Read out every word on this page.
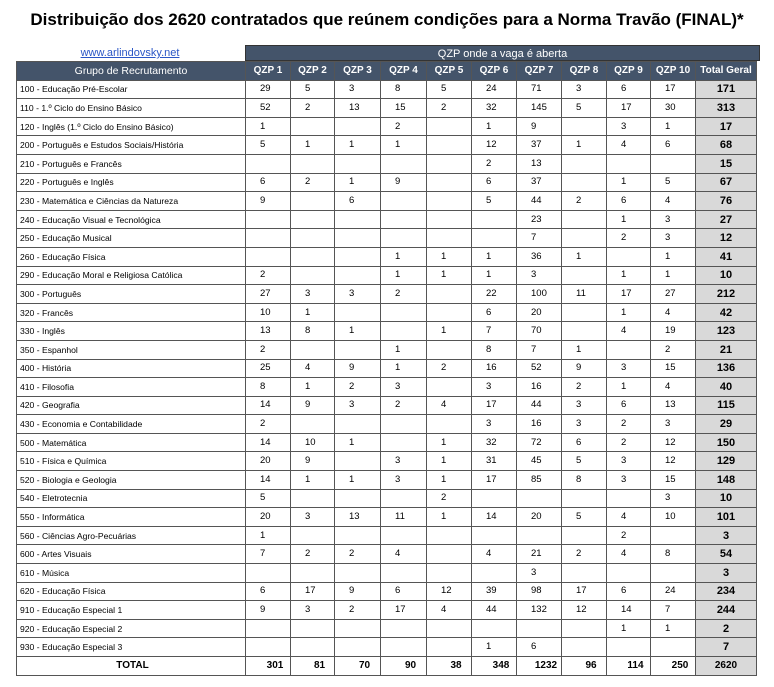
Distribuição dos 2620 contratados que reúnem condições para a Norma Travão (FINAL)*
www.arlindovsky.net	QZP onde a vaga é aberta
Grupo de Recrutamento	QZP 1	QZP 2	QZP 3	QZP 4	QZP 5	QZP 6	QZP 7	QZP 8	QZP 9	QZP 10	Total Geral
100 - Educação Pré-Escolar	29	5	3	8	5	24	71	3	6	17	171
110 - 1.º Ciclo do Ensino Básico	52	2	13	15	2	32	145	5	17	30	313
120 - Inglês (1.º Ciclo do Ensino Básico)	1			2		1	9		3	1	17
200 - Português e Estudos Sociais/História	5	1	1	1		12	37	1	4	6	68
210 - Português e Francês						2	13				15
220 - Português e Inglês	6	2	1	9		6	37		1	5	67
230 - Matemática e Ciências da Natureza	9		6			5	44	2	6	4	76
240 - Educação Visual e Tecnológica							23		1	3	27
250 - Educação Musical							7		2	3	12
260 - Educação Física				1	1	1	36	1		1	41
290 - Educação Moral e Religiosa Católica	2			1	1	1	3		1	1	10
300 - Português	27	3	3	2		22	100	11	17	27	212
320 - Francês	10	1				6	20		1	4	42
330 - Inglês	13	8	1		1	7	70		4	19	123
350 - Espanhol	2			1		8	7	1		2	21
400 - História	25	4	9	1	2	16	52	9	3	15	136
410 - Filosofia	8	1	2	3		3	16	2	1	4	40
420 - Geografia	14	9	3	2	4	17	44	3	6	13	115
430 - Economia e Contabilidade	2					3	16	3	2	3	29
500 - Matemática	14	10	1		1	32	72	6	2	12	150
510 - Física e Química	20	9		3	1	31	45	5	3	12	129
520 - Biologia e Geologia	14	1	1	3	1	17	85	8	3	15	148
540 - Eletrotecnia	5				2					3	10
550 - Informática	20	3	13	11	1	14	20	5	4	10	101
560 - Ciências Agro-Pecuárias	1								2		3
600 - Artes Visuais	7	2	2	4		4	21	2	4	8	54
610 - Música							3				3
620 - Educação Física	6	17	9	6	12	39	98	17	6	24	234
910 - Educação Especial 1	9	3	2	17	4	44	132	12	14	7	244
920 - Educação Especial 2									1	1	2
930 - Educação Especial 3						1	6				7
TOTAL	301	81	70	90	38	348	1232	96	114	250	2620
